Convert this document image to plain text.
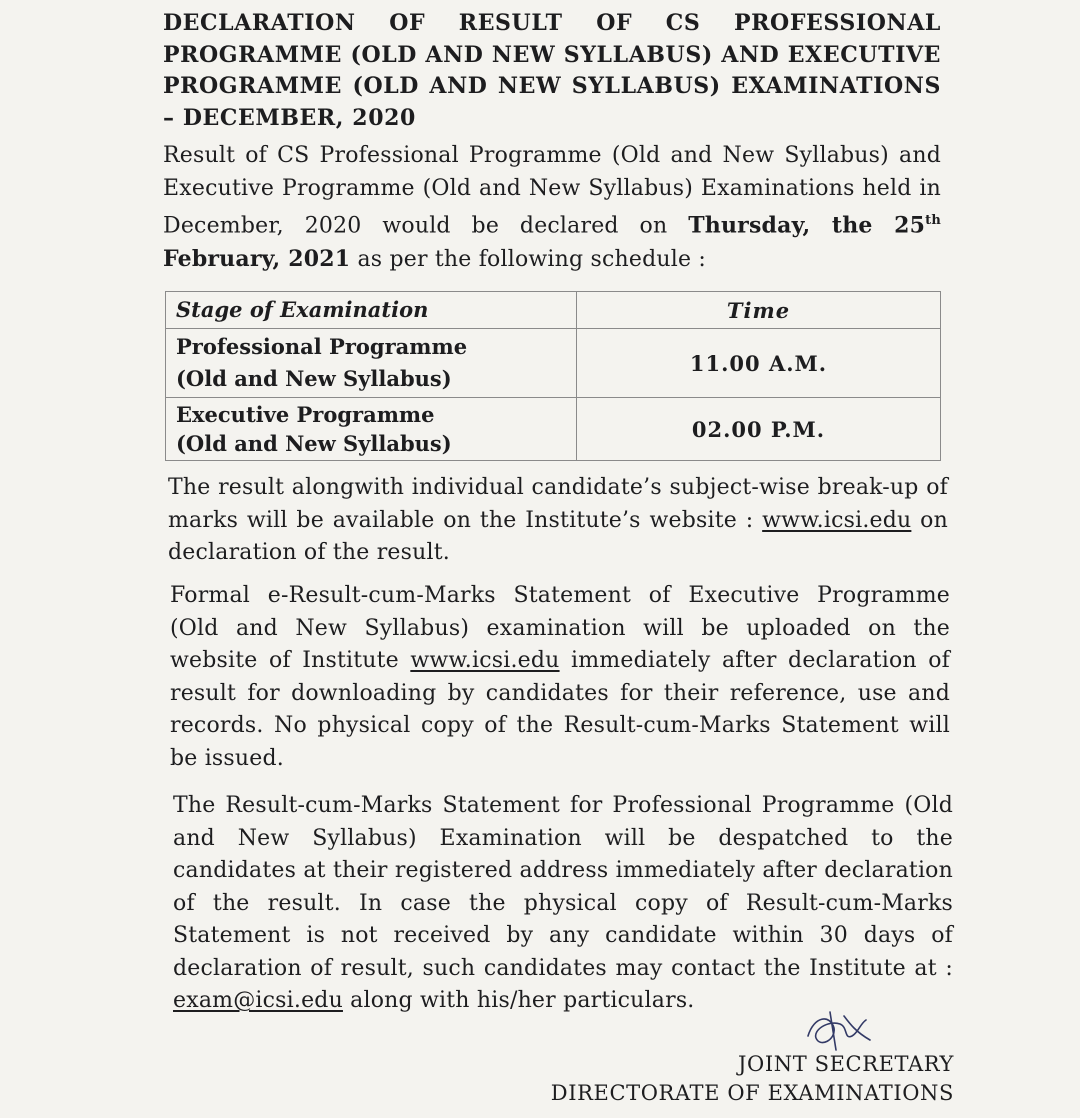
DECLARATION OF RESULT OF CS PROFESSIONAL PROGRAMME (OLD AND NEW SYLLABUS) AND EXECUTIVE PROGRAMME (OLD AND NEW SYLLABUS) EXAMINATIONS – DECEMBER, 2020
Result of CS Professional Programme (Old and New Syllabus) and Executive Programme (Old and New Syllabus) Examinations held in December, 2020 would be declared on Thursday, the 25th February, 2021 as per the following schedule :
Stage of Examination	Time

Professional Programme
(Old and New Syllabus)	11.00 A.M.

Executive Programme
(Old and New Syllabus)	02.00 P.M.
The result alongwith individual candidate’s subject-wise break-up of marks will be available on the Institute’s website : www.icsi.edu on declaration of the result.
Formal e-Result-cum-Marks Statement of Executive Programme (Old and New Syllabus) examination will be uploaded on the website of Institute www.icsi.edu immediately after declaration of result for downloading by candidates for their reference, use and records. No physical copy of the Result-cum-Marks Statement will be issued.
The Result-cum-Marks Statement for Professional Programme (Old and New Syllabus) Examination will be despatched to the candidates at their registered address immediately after declaration of the result. In case the physical copy of Result-cum-Marks Statement is not received by any candidate within 30 days of declaration of result, such candidates may contact the Institute at : exam@icsi.edu along with his/her particulars.
JOINT SECRETARY
DIRECTORATE OF EXAMINATIONS
